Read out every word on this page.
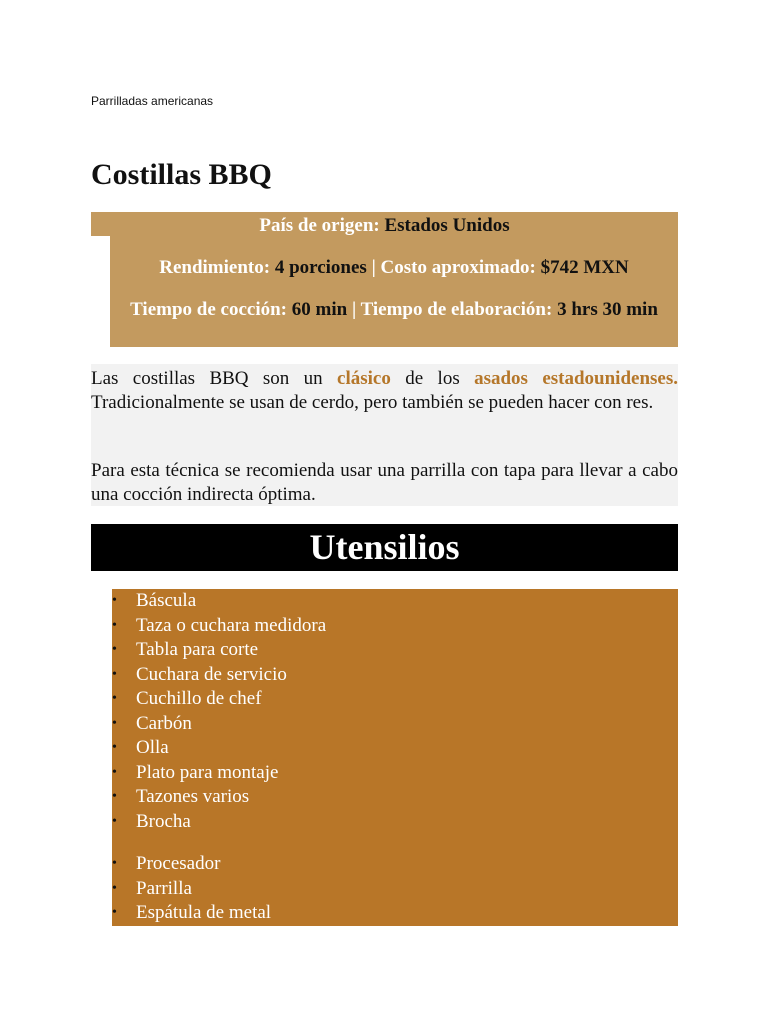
Parrilladas americanas
Costillas BBQ
País de origen: Estados Unidos
Rendimiento: 4 porciones | Costo aproximado: $742 MXN
Tiempo de cocción: 60 min | Tiempo de elaboración: 3 hrs 30 min

Las costillas BBQ son un clásico de los asados estadounidenses. Tradicionalmente se usan de cerdo, pero también se pueden hacer con res.

Para esta técnica se recomienda usar una parrilla con tapa para llevar a cabo una cocción indirecta óptima.

Utensilios
• Báscula
• Taza o cuchara medidora
• Tabla para corte
• Cuchara de servicio
• Cuchillo de chef
• Carbón
• Olla
• Plato para montaje
• Tazones varios
• Brocha
• Procesador
• Parrilla
• Espátula de metal
